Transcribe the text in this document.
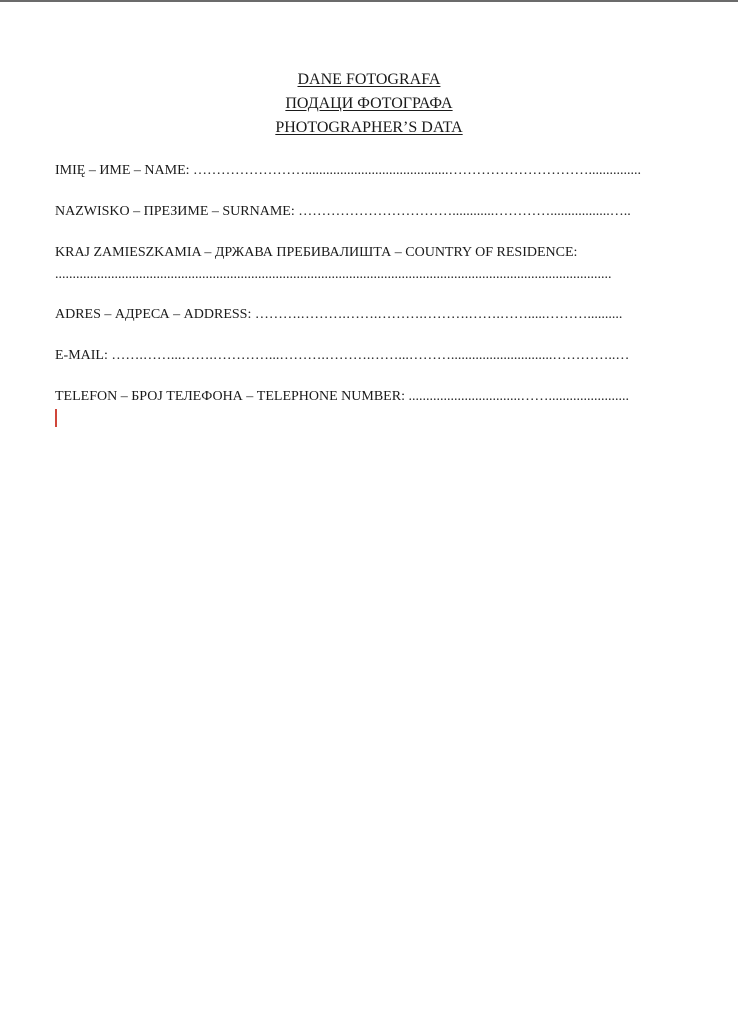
DANE FOTOGRAFA
ПОДАЦИ ФОТОГРАФА
PHOTOGRAPHER’S DATA
IMIĘ – ИМЕ – NAME: …………………….........................................…………………………...............
NAZWISKO – ПРЕЗИМЕ – SURNAME: ……………………………............………….................…..
KRAJ ZAMIESZKAMIA – ДРЖАВА ПРЕБИВАЛИШТА – COUNTRY OF RESIDENCE:
...............................................................................................................................................................
ADRES – АДРЕСА – ADDRESS: ……….……….…….……….……….…….…….....………..........
E-MAIL: …….……...…….…………...……….……….……...……….............................…………..…
TELEFON – БРОЈ ТЕЛЕФОНА – TELEPHONE NUMBER: ................................…….......................
